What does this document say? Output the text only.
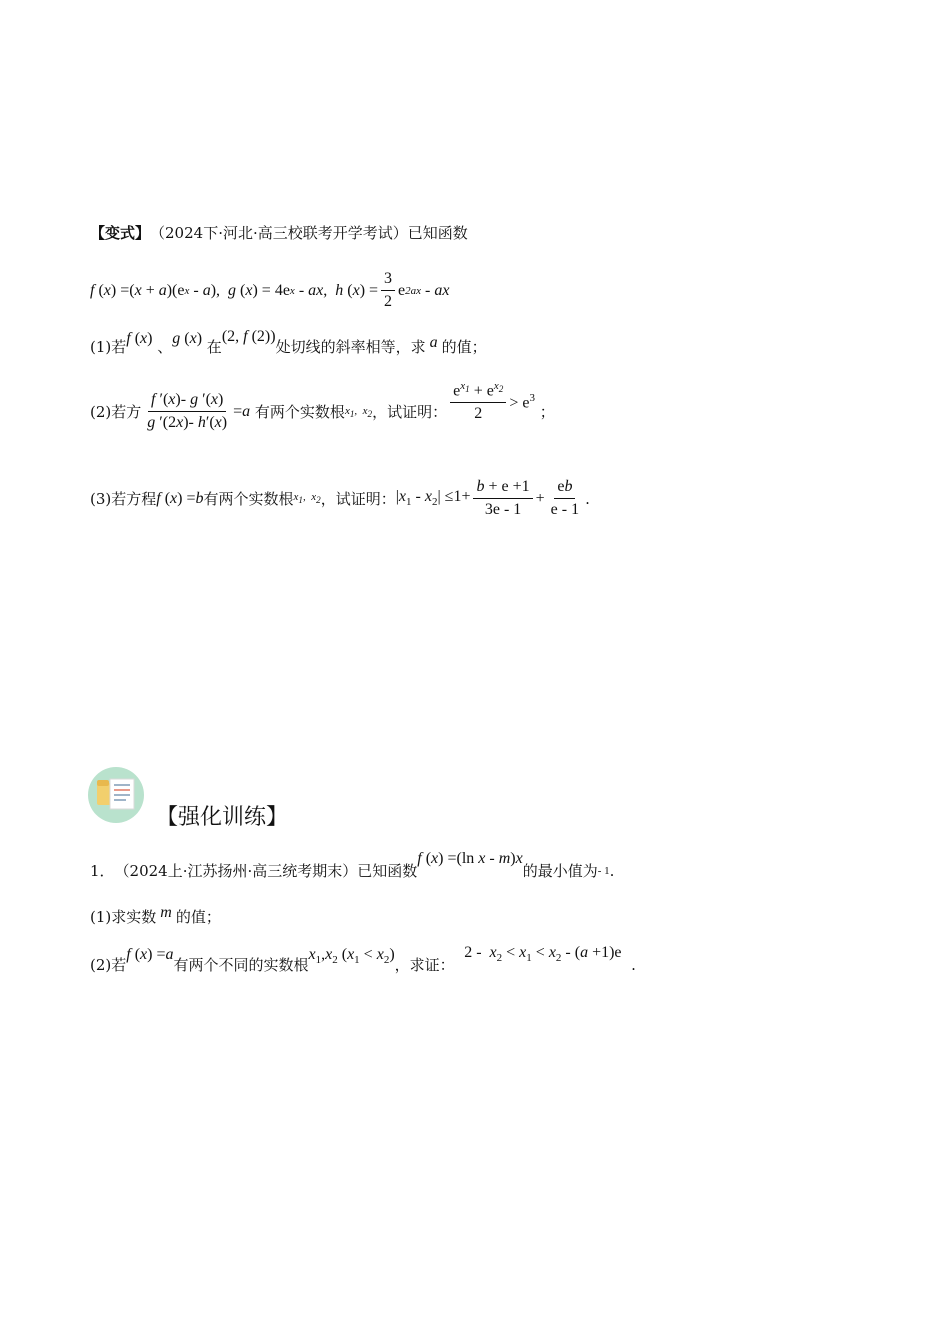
【变式】 （2024下·河北·高三校联考开学考试）已知函数
f ( x ) =( x + a )(e x - a ), g ( x ) = 4e x - ax , h ( x ) = $\frac{3}{2}$ e 2ax - ax
(1)若 f (x) 、 g (x)
在
(2, f (2))
处切线的斜率相等，求 a 的值；
(2)若方 $\frac{f '(x)- g '(x)}{g '(2x)- h'(x)} =a$
有两个实数根 $x_1$,  $x_2$ ，试证明： $\frac{e^{x_1} + e^{x_2}}{2} > e^3$
；
(3)若方程 f (x) =b 有两个实数根 $x_1$,  $x_2$ ，试证明： $|x_1 - x_2| \le 1+ \frac{b + e +1}{3e - 1} + \frac{eb}{e - 1}$ .
【强化训练】
1． （2024上·江苏扬州·高三统考期末）已知函数
f (x) =(ln x - m)x
的最小值为 - 1 .
(1)求实数 m 的值；
(2)若
f (x) =a
有两个不同的实数根
$x_1,x_2$ $(x_1 < x_2)$
，求证：

$2 - x_2 < x_1 < x_2 - (a +1)e$
.
